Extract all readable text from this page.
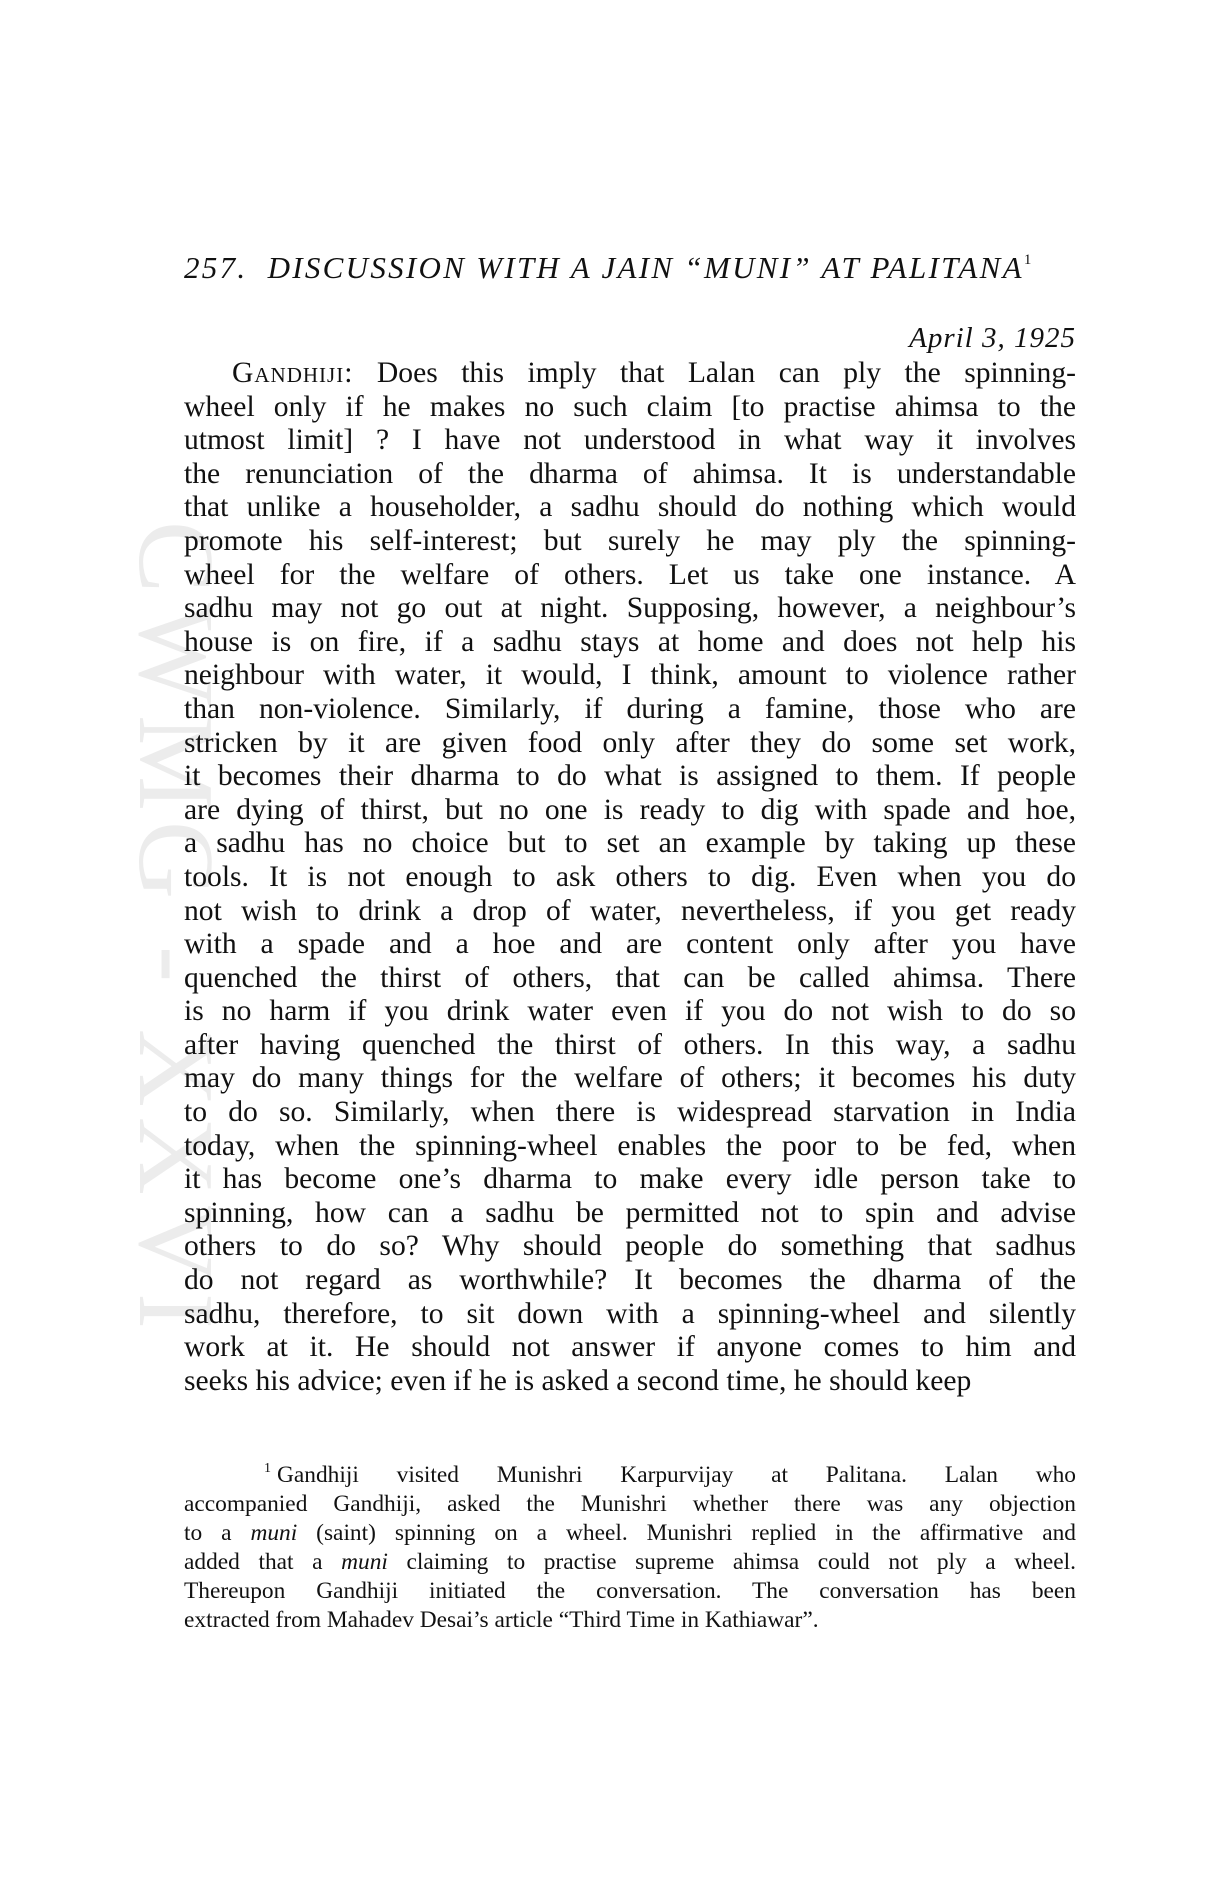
CWMG - XXVI
257. DISCUSSION WITH A JAIN “MUNI” AT PALITANA$^1$
April 3, 1925
Gandhiji: Does this imply that Lalan can ply the spinning-
wheel only if he makes no such claim [to practise ahimsa to the
utmost limit] ? I have not understood in what way it involves
the renunciation of the dharma of ahimsa. It is understandable
that unlike a householder, a sadhu should do nothing which would
promote his self-interest; but surely he may ply the spinning-
wheel for the welfare of others. Let us take one instance. A
sadhu may not go out at night. Supposing, however, a neighbour’s
house is on fire, if a sadhu stays at home and does not help his
neighbour with water, it would, I think, amount to violence rather
than non-violence. Similarly, if during a famine, those who are
stricken by it are given food only after they do some set work,
it becomes their dharma to do what is assigned to them. If people
are dying of thirst, but no one is ready to dig with spade and hoe,
a sadhu has no choice but to set an example by taking up these
tools. It is not enough to ask others to dig. Even when you do
not wish to drink a drop of water, nevertheless, if you get ready
with a spade and a hoe and are content only after you have
quenched the thirst of others, that can be called ahimsa. There
is no harm if you drink water even if you do not wish to do so
after having quenched the thirst of others. In this way, a sadhu
may do many things for the welfare of others; it becomes his duty
to do so. Similarly, when there is widespread starvation in India
today, when the spinning-wheel enables the poor to be fed, when
it has become one’s dharma to make every idle person take to
spinning, how can a sadhu be permitted not to spin and advise
others to do so? Why should people do something that sadhus
do not regard as worthwhile? It becomes the dharma of the
sadhu, therefore, to sit down with a spinning-wheel and silently
work at it. He should not answer if anyone comes to him and
seeks his advice; even if he is asked a second time, he should keep
$^1$ Gandhiji visited Munishri Karpurvijay at Palitana. Lalan who
accompanied Gandhiji, asked the Munishri whether there was any objection
to a muni (saint) spinning on a wheel. Munishri replied in the affirmative and
added that a muni claiming to practise supreme ahimsa could not ply a wheel.
Thereupon Gandhiji initiated the conversation. The conversation has been
extracted from Mahadev Desai’s article “Third Time in Kathiawar”.
